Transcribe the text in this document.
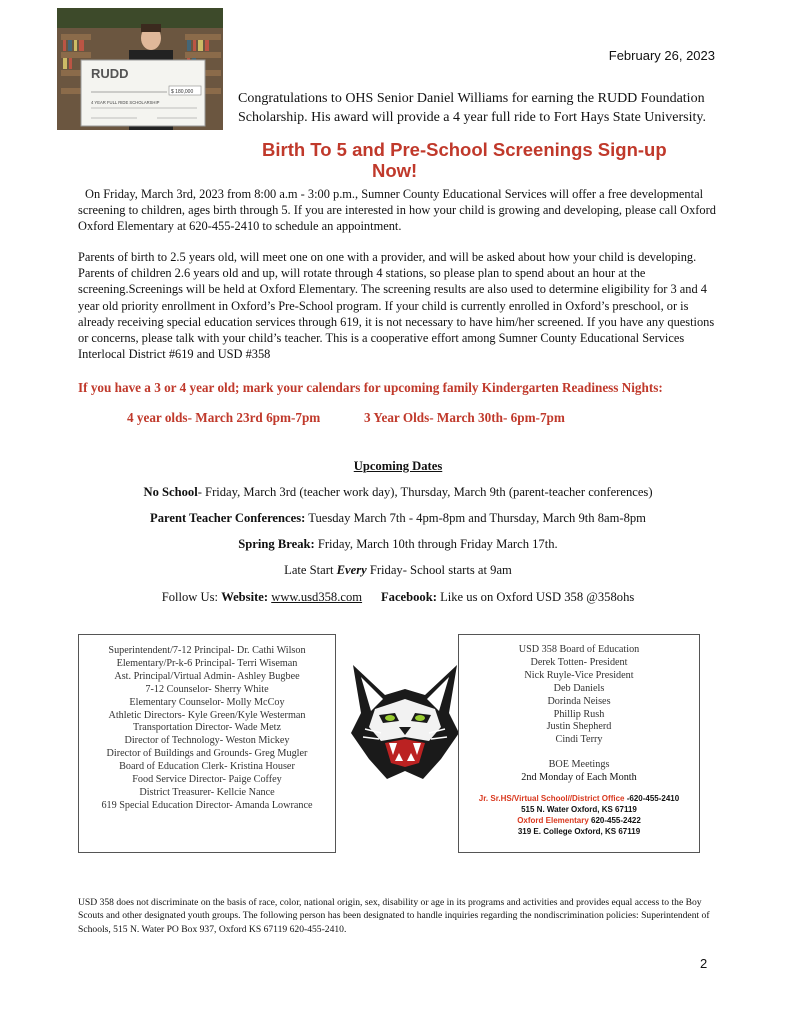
RUDD
$ 180,000
4 YEAR FULL RIDE SCHOLARSHIP
February 26, 2023
Congratulations to OHS Senior Daniel Williams for earning the RUDD Foundation Scholarship. His award will provide a 4 year full ride to Fort Hays State University.
Birth To 5 and Pre-School Screenings Sign-up
Now!
On Friday, March 3rd, 2023 from 8:00 a.m - 3:00 p.m., Sumner County Educational Services will offer a free developmental screening to children, ages birth through 5. If you are interested in how your child is growing and developing, please call Oxford Oxford Elementary at 620-455-2410 to schedule an appointment.
Parents of birth to 2.5 years old, will meet one on one with a provider, and will be asked about how your child is developing. Parents of children 2.6 years old and up, will rotate through 4 stations, so please plan to spend about an hour at the screening.Screenings will be held at Oxford Elementary. The screening results are also used to determine eligibility for 3 and 4 year old priority enrollment in Oxford’s Pre-School program. If your child is currently enrolled in Oxford’s preschool, or is already receiving special education services through 619, it is not necessary to have him/her screened. If you have any questions or concerns, please talk with your child’s teacher. This is a cooperative effort among Sumner County Educational Services Interlocal District #619 and USD #358
If you have a 3 or 4 year old; mark your calendars for upcoming family Kindergarten Readiness Nights:
4 year olds- March 23rd 6pm-7pm	3 Year Olds- March 30th- 6pm-7pm
Upcoming Dates
No School- Friday, March 3rd (teacher work day), Thursday, March 9th (parent-teacher conferences)
Parent Teacher Conferences: Tuesday March 7th - 4pm-8pm and Thursday, March 9th 8am-8pm
Spring Break: Friday, March 10th through Friday March 17th.
Late Start Every Friday- School starts at 9am
Follow Us: Website: www.usd358.com Facebook: Like us on Oxford USD 358 @358ohs
Superintendent/7-12 Principal- Dr. Cathi Wilson
Elementary/Pr-k-6 Principal- Terri Wiseman
Ast. Principal/Virtual Admin- Ashley Bugbee
7-12 Counselor- Sherry White
Elementary Counselor- Molly McCoy
Athletic Directors- Kyle Green/Kyle Westerman
Transportation Director- Wade Metz
Director of Technology- Weston Mickey
Director of Buildings and Grounds- Greg Mugler
Board of Education Clerk- Kristina Houser
Food Service Director- Paige Coffey
District Treasurer- Kellcie Nance
619 Special Education Director- Amanda Lowrance
USD 358 Board of Education
Derek Totten- President
Nick Ruyle-Vice President
Deb Daniels
Dorinda Neises
Phillip Rush
Justin Shepherd
Cindi Terry
BOE Meetings
2nd Monday of Each Month
Jr. Sr.HS/Virtual School//District Office -620-455-2410
515 N. Water Oxford, KS 67119
Oxford Elementary 620-455-2422
319 E. College Oxford, KS 67119
USD 358 does not discriminate on the basis of race, color, national origin, sex, disability or age in its programs and activities and provides equal access to the Boy Scouts and other designated youth groups. The following person has been designated to handle inquiries regarding the nondiscrimination policies: Superintendent of Schools, 515 N. Water PO Box 937, Oxford KS 67119 620-455-2410.
2
